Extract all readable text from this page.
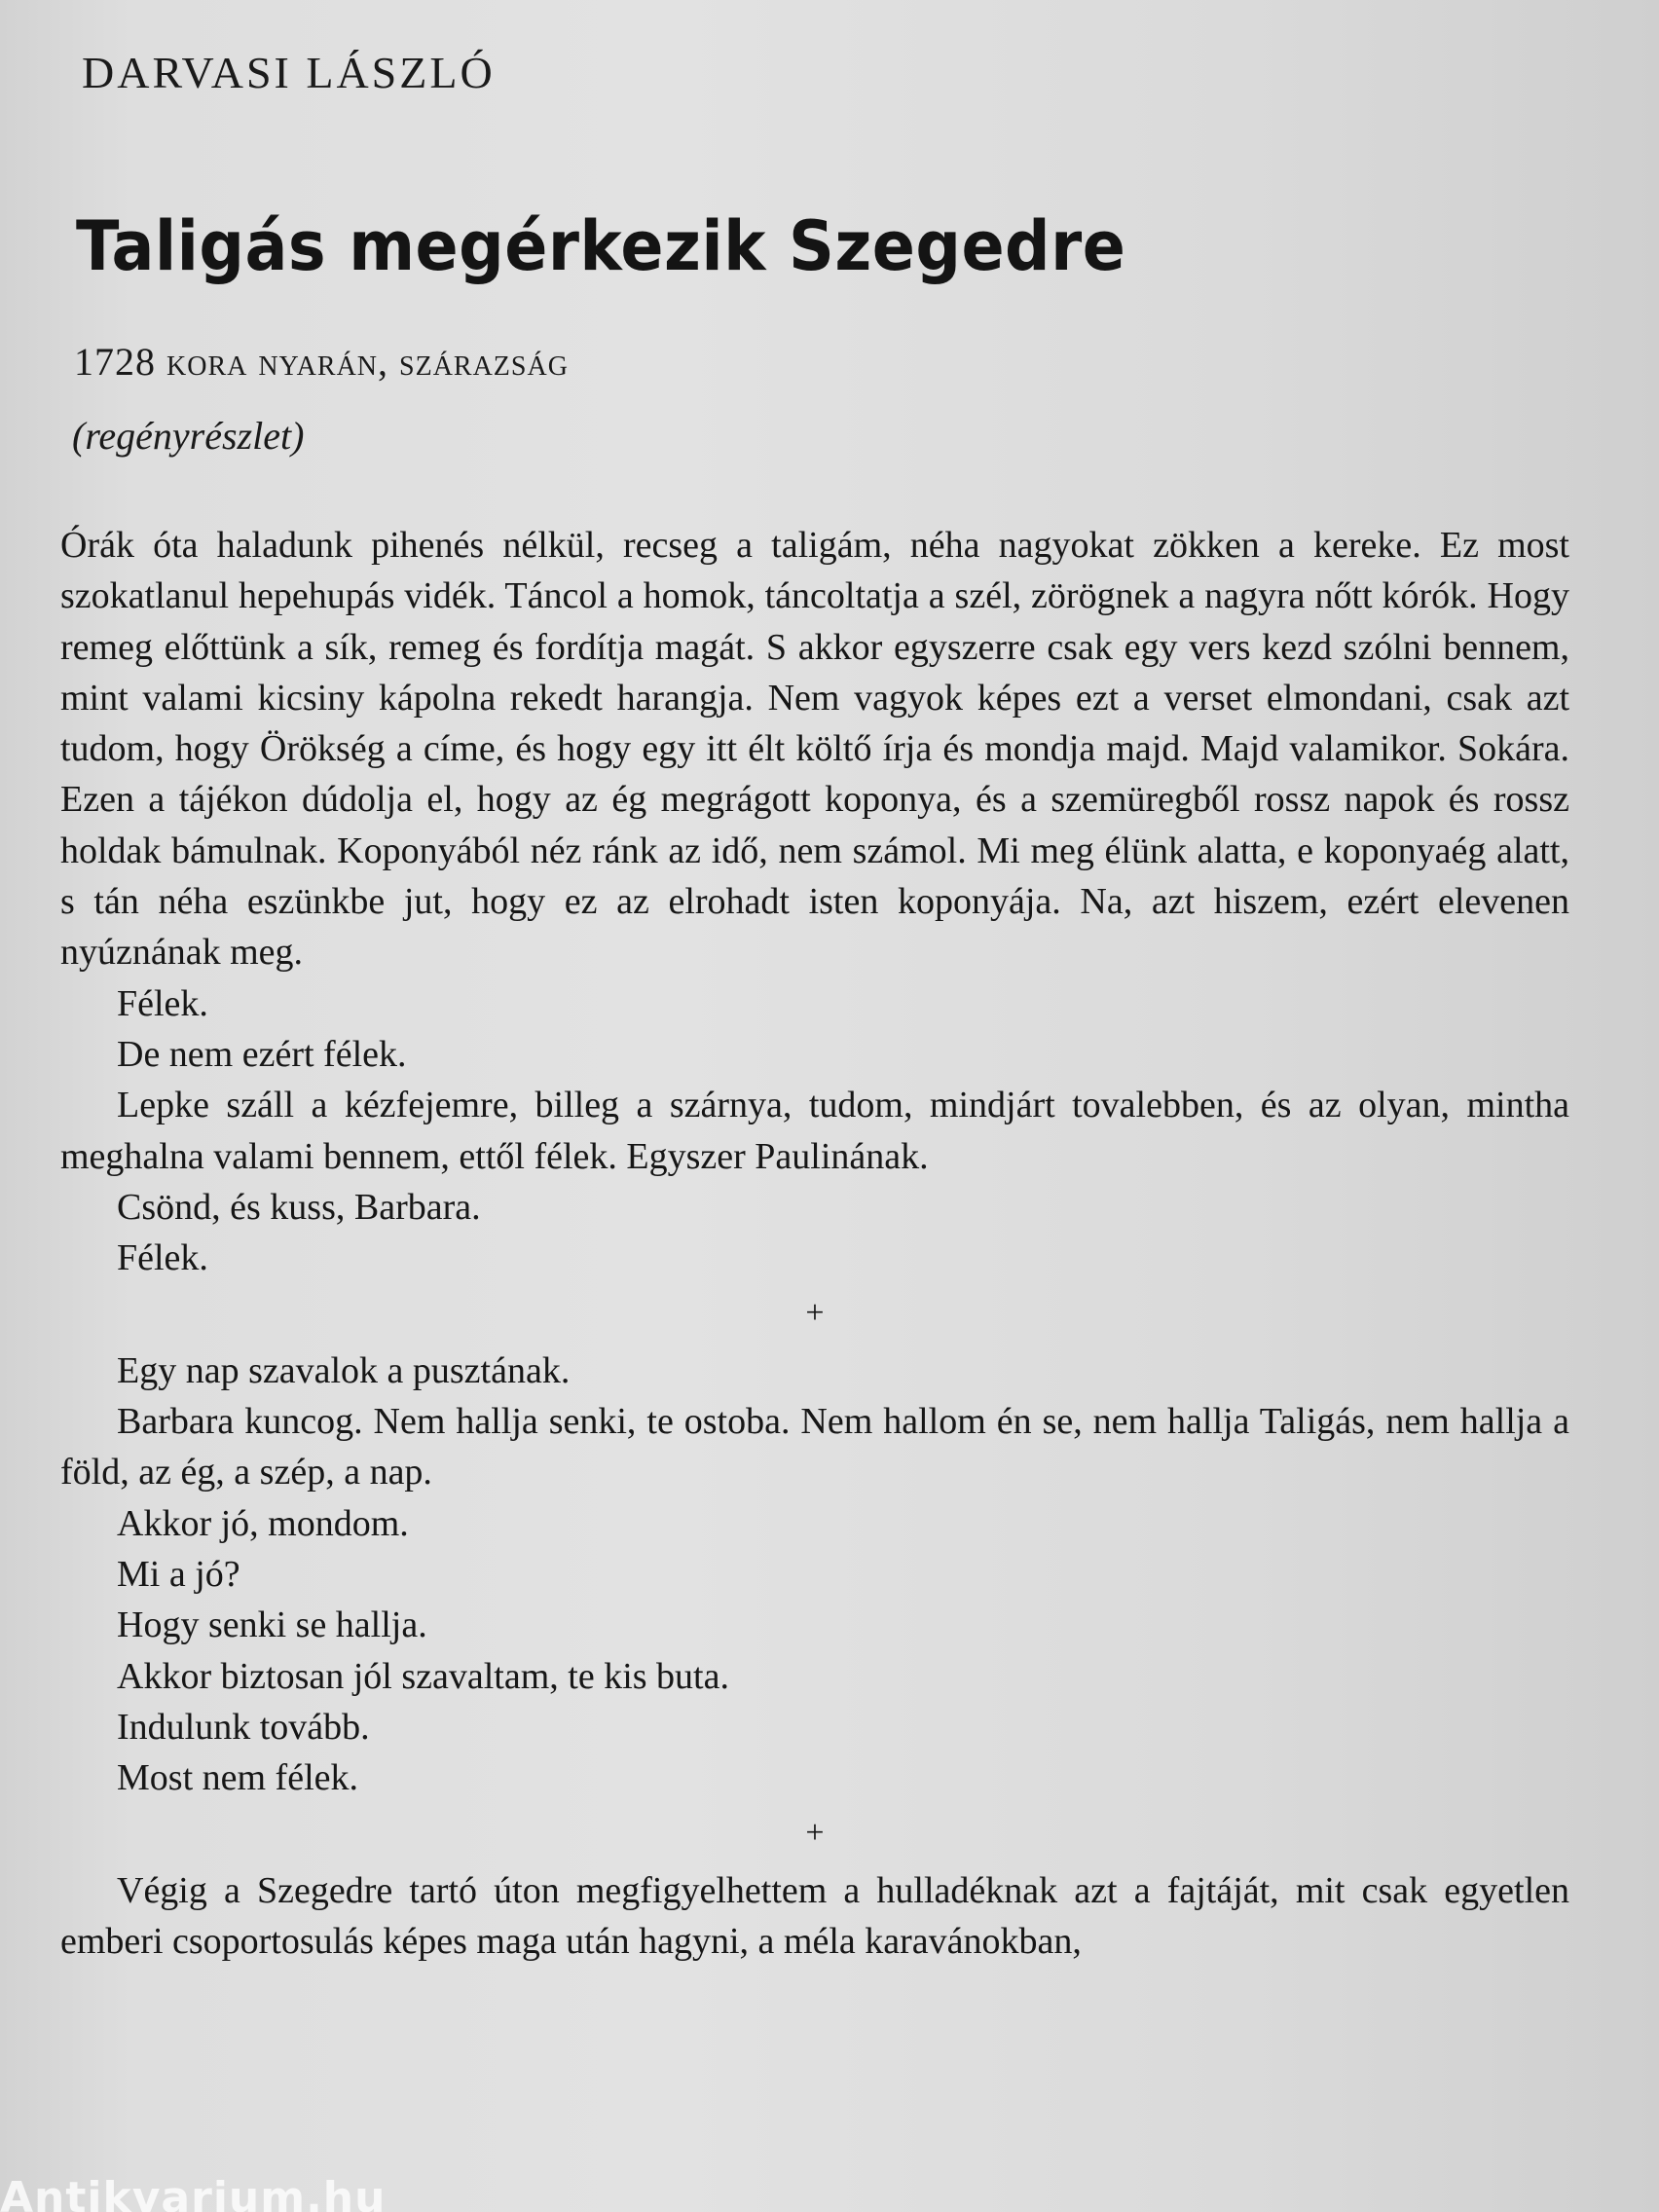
DARVASI LÁSZLÓ
Taligás megérkezik Szegedre
1728 kora nyarán, szárazság
(regényrészlet)

Órák óta haladunk pihenés nélkül, recseg a taligám, néha nagyokat zökken a kereke. Ez most szokatlanul hepehupás vidék. Táncol a homok, táncoltatja a szél, zörögnek a nagyra nőtt kórók. Hogy remeg előttünk a sík, remeg és fordítja magát. S akkor egyszerre csak egy vers kezd szólni bennem, mint valami kicsiny kápolna rekedt harangja. Nem vagyok képes ezt a verset elmondani, csak azt tudom, hogy Örökség a címe, és hogy egy itt élt költő írja és mondja majd. Majd valamikor. Sokára. Ezen a tájékon dúdolja el, hogy az ég megrágott koponya, és a szemüregből rossz napok és rossz holdak bámulnak. Koponyából néz ránk az idő, nem számol. Mi meg élünk alatta, e koponyaég alatt, s tán néha eszünkbe jut, hogy ez az elrohadt isten koponyája. Na, azt hiszem, ezért elevenen nyúznának meg.

Félek.

De nem ezért félek.

Lepke száll a kézfejemre, billeg a szárnya, tudom, mindjárt tovalebben, és az olyan, mintha meghalna valami bennem, ettől félek. Egyszer Paulinának.

Csönd, és kuss, Barbara.

Félek.

+

Egy nap szavalok a pusztának.

Barbara kuncog. Nem hallja senki, te ostoba. Nem hallom én se, nem hallja Taligás, nem hallja a föld, az ég, a szép, a nap.

Akkor jó, mondom.

Mi a jó?

Hogy senki se hallja.

Akkor biztosan jól szavaltam, te kis buta.

Indulunk tovább.

Most nem félek.

+

Végig a Szegedre tartó úton megfigyelhettem a hulladéknak azt a fajtáját, mit csak egyetlen emberi csoportosulás képes maga után hagyni, a méla karavánokban,

Antikvarium.hu
